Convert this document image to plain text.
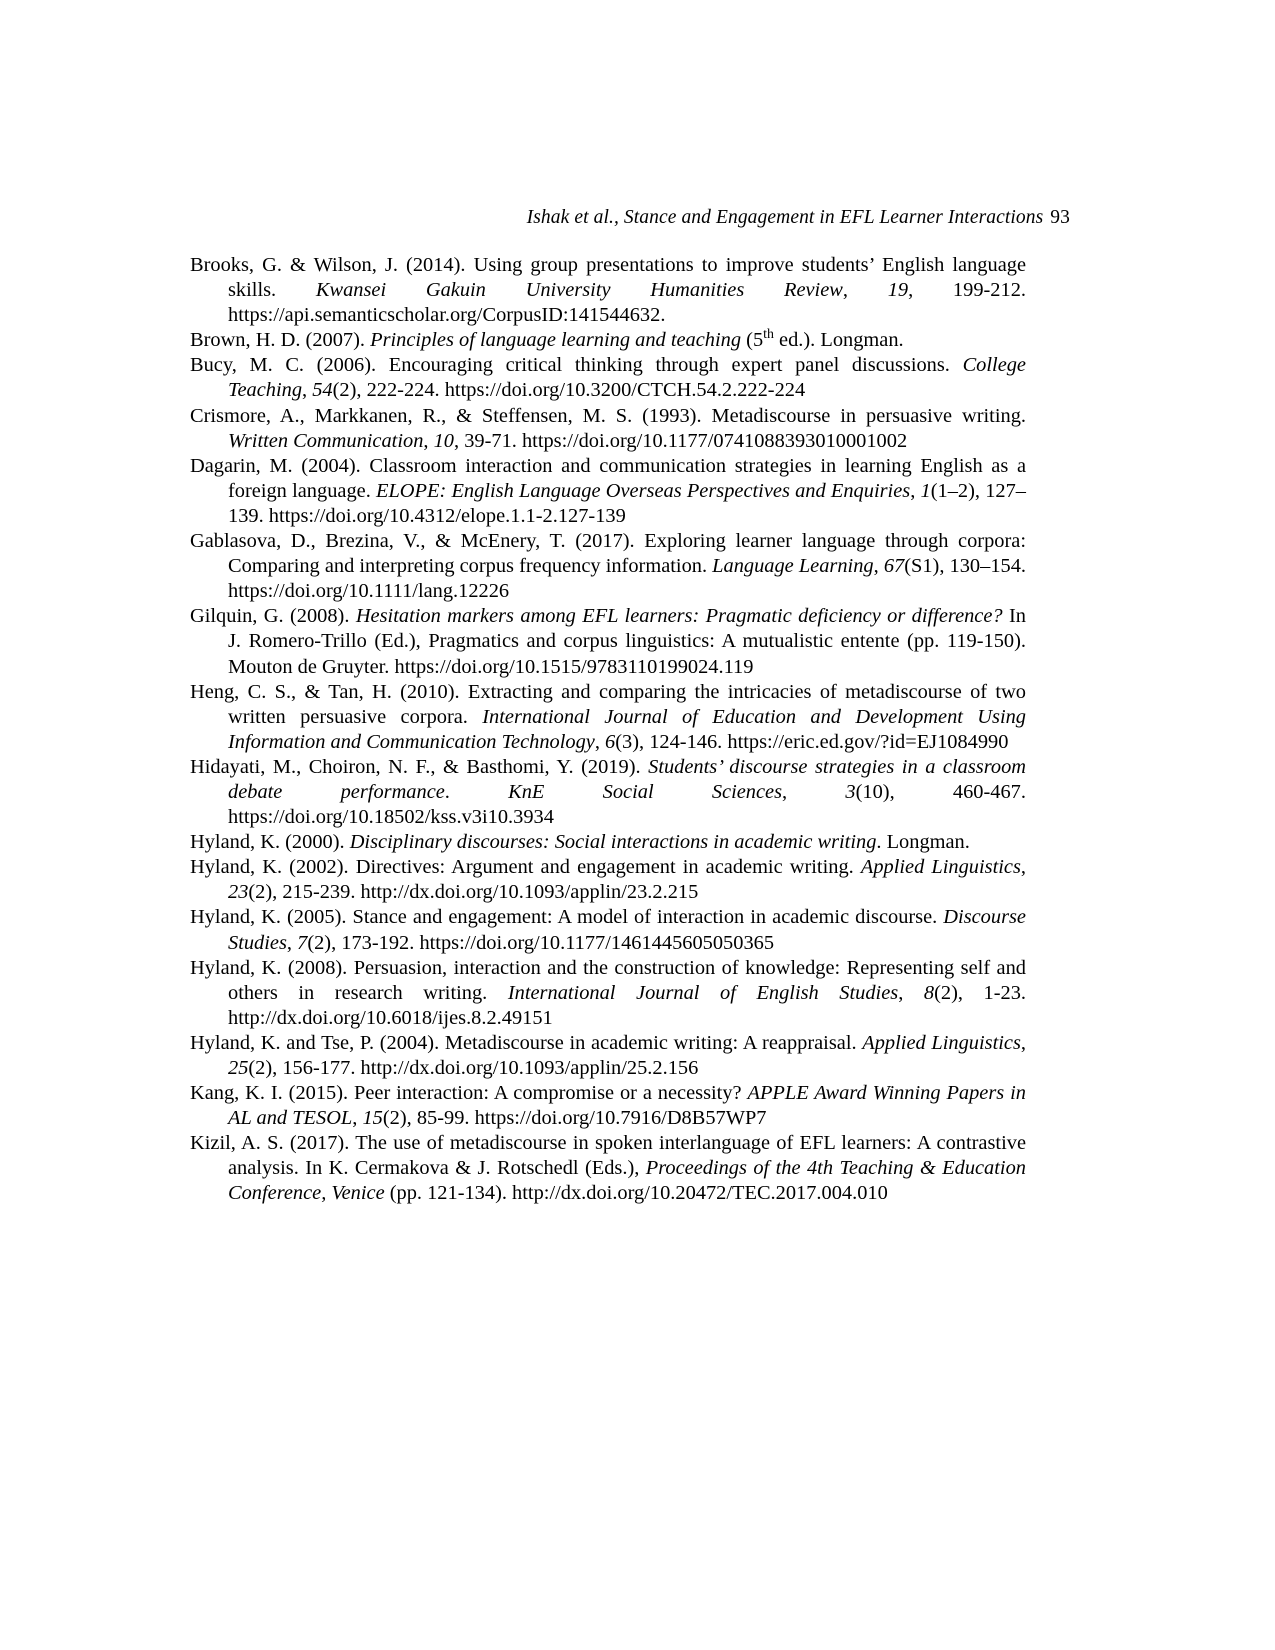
Ishak et al., Stance and Engagement in EFL Learner Interactions 93

Brooks, G. & Wilson, J. (2014). Using group presentations to improve students’ English language skills. Kwansei Gakuin University Humanities Review, 19, 199-212. https://api.semanticscholar.org/CorpusID:141544632.

Brown, H. D. (2007). Principles of language learning and teaching (5th ed.). Longman.

Bucy, M. C. (2006). Encouraging critical thinking through expert panel discussions. College Teaching, 54(2), 222-224. https://doi.org/10.3200/CTCH.54.2.222-224

Crismore, A., Markkanen, R., & Steffensen, M. S. (1993). Metadiscourse in persuasive writing. Written Communication, 10, 39-71. https://doi.org/10.1177/0741088393010001002

Dagarin, M. (2004). Classroom interaction and communication strategies in learning English as a foreign language. ELOPE: English Language Overseas Perspectives and Enquiries, 1(1–2), 127–139. https://doi.org/10.4312/elope.1.1-2.127-139

Gablasova, D., Brezina, V., & McEnery, T. (2017). Exploring learner language through corpora: Comparing and interpreting corpus frequency information. Language Learning, 67(S1), 130–154. https://doi.org/10.1111/lang.12226

Gilquin, G. (2008). Hesitation markers among EFL learners: Pragmatic deficiency or difference? In J. Romero-Trillo (Ed.), Pragmatics and corpus linguistics: A mutualistic entente (pp. 119-150). Mouton de Gruyter. https://doi.org/10.1515/9783110199024.119

Heng, C. S., & Tan, H. (2010). Extracting and comparing the intricacies of metadiscourse of two written persuasive corpora. International Journal of Education and Development Using Information and Communication Technology, 6(3), 124-146. https://eric.ed.gov/?id=EJ1084990

Hidayati, M., Choiron, N. F., & Basthomi, Y. (2019). Students’ discourse strategies in a classroom debate performance. KnE Social Sciences, 3(10), 460-467. https://doi.org/10.18502/kss.v3i10.3934

Hyland, K. (2000). Disciplinary discourses: Social interactions in academic writing. Longman.

Hyland, K. (2002). Directives: Argument and engagement in academic writing. Applied Linguistics, 23(2), 215-239. http://dx.doi.org/10.1093/applin/23.2.215

Hyland, K. (2005). Stance and engagement: A model of interaction in academic discourse. Discourse Studies, 7(2), 173-192. https://doi.org/10.1177/1461445605050365

Hyland, K. (2008). Persuasion, interaction and the construction of knowledge: Representing self and others in research writing. International Journal of English Studies, 8(2), 1-23. http://dx.doi.org/10.6018/ijes.8.2.49151

Hyland, K. and Tse, P. (2004). Metadiscourse in academic writing: A reappraisal. Applied Linguistics, 25(2), 156-177. http://dx.doi.org/10.1093/applin/25.2.156

Kang, K. I. (2015). Peer interaction: A compromise or a necessity? APPLE Award Winning Papers in AL and TESOL, 15(2), 85-99. https://doi.org/10.7916/D8B57WP7

Kizil, A. S. (2017). The use of metadiscourse in spoken interlanguage of EFL learners: A contrastive analysis. In K. Cermakova & J. Rotschedl (Eds.), Proceedings of the 4th Teaching & Education Conference, Venice (pp. 121-134). http://dx.doi.org/10.20472/TEC.2017.004.010
